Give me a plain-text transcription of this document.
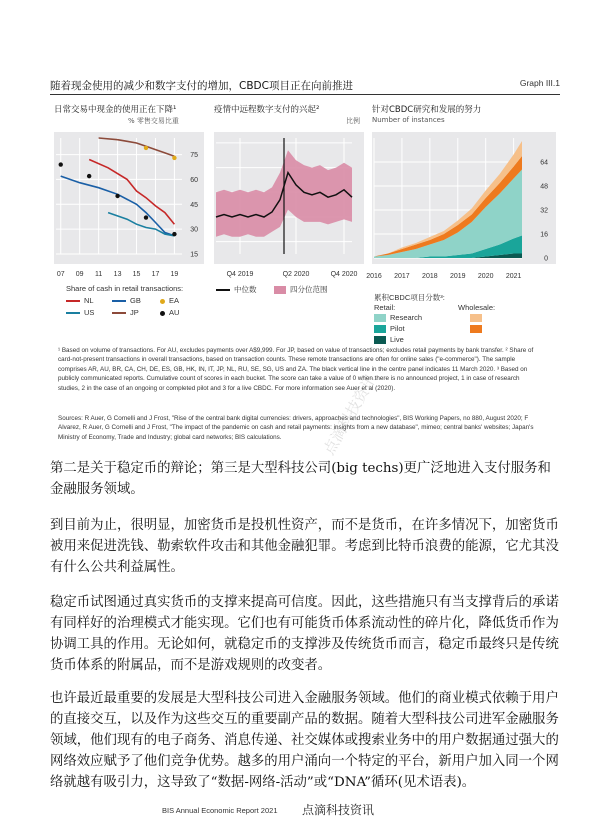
随着现金使用的减少和数字支付的增加，CBDC项目正在向前推进	Graph III.1
日常交易中现金的使用正在下降¹
% 零售交易比重
疫情中远程数字支付的兴起²
比例
针对CBDC研究和发展的努力
Number of instances
15
30
45
60
75
07 09 11 13 15 17 19	Q4 2019	Q2 2020	Q4 2020
0
16
32
48
64
2016 2017 2018 2019 2020 2021
Share of cash in retail transactions:
NL	GB	EA
US	JP	AU
中位数	四分位范围
累积CBDC项目分数³:
Retail:	Wholesale:
Research
Pilot
Live
¹ Based on volume of transactions. For AU, excludes payments over A$9,999. For JP, based on value of transactions; excludes retail payments by bank transfer. ² Share of card-not-present transactions in overall transactions, based on transaction counts. These remote transactions are often for online sales ("e-commerce"). The sample comprises AR, AU, BR, CA, CH, DE, ES, GB, HK, IN, IT, JP, NL, RU, SE, SG, US and ZA. The black vertical line in the centre panel indicates 11 March 2020. ³ Based on publicly communicated reports. Cumulative count of scores in each bucket. The score can take a value of 0 when there is no announced project, 1 in case of research studies, 2 in the case of an ongoing or completed pilot and 3 for a live CBDC. For more information see Auer et al (2020).
Sources: R Auer, G Cornelli and J Frost, "Rise of the central bank digital currencies: drivers, approaches and technologies", BIS Working Papers, no 880, August 2020; F Alvarez, R Auer, G Cornelli and J Frost, "The impact of the pandemic on cash and retail payments: insights from a new database", mimeo; central banks' websites; Japan's Ministry of Economy, Trade and Industry; global card networks; BIS calculations.	点滴科技资讯
第二是关于稳定币的辩论；第三是大型科技公司(big techs)更广泛地进入支付服务和金融服务领域。
到目前为止，很明显，加密货币是投机性资产，而不是货币，在许多情况下，加密货币被用来促进洗钱、勒索软件攻击和其他金融犯罪。考虑到比特币浪费的能源，它尤其没有什么公共利益属性。
稳定币试图通过真实货币的支撑来提高可信度。因此，这些措施只有当支撑背后的承诺有同样好的治理模式才能实现。它们也有可能货币体系流动性的碎片化，降低货币作为协调工具的作用。无论如何，就稳定币的支撑涉及传统货币而言，稳定币最终只是传统货币体系的附属品，而不是游戏规则的改变者。
也许最近最重要的发展是大型科技公司进入金融服务领域。他们的商业模式依赖于用户的直接交互，以及作为这些交互的重要副产品的数据。随着大型科技公司进军金融服务领域，他们现有的电子商务、消息传递、社交媒体或搜索业务中的用户数据通过强大的网络效应赋予了他们竞争优势。越多的用户涌向一个特定的平台，新用户加入同一个网络就越有吸引力，这导致了“数据-网络-活动”或“DNA”循环(见术语表)。
BIS Annual Economic Report 2021 点滴科技资讯
